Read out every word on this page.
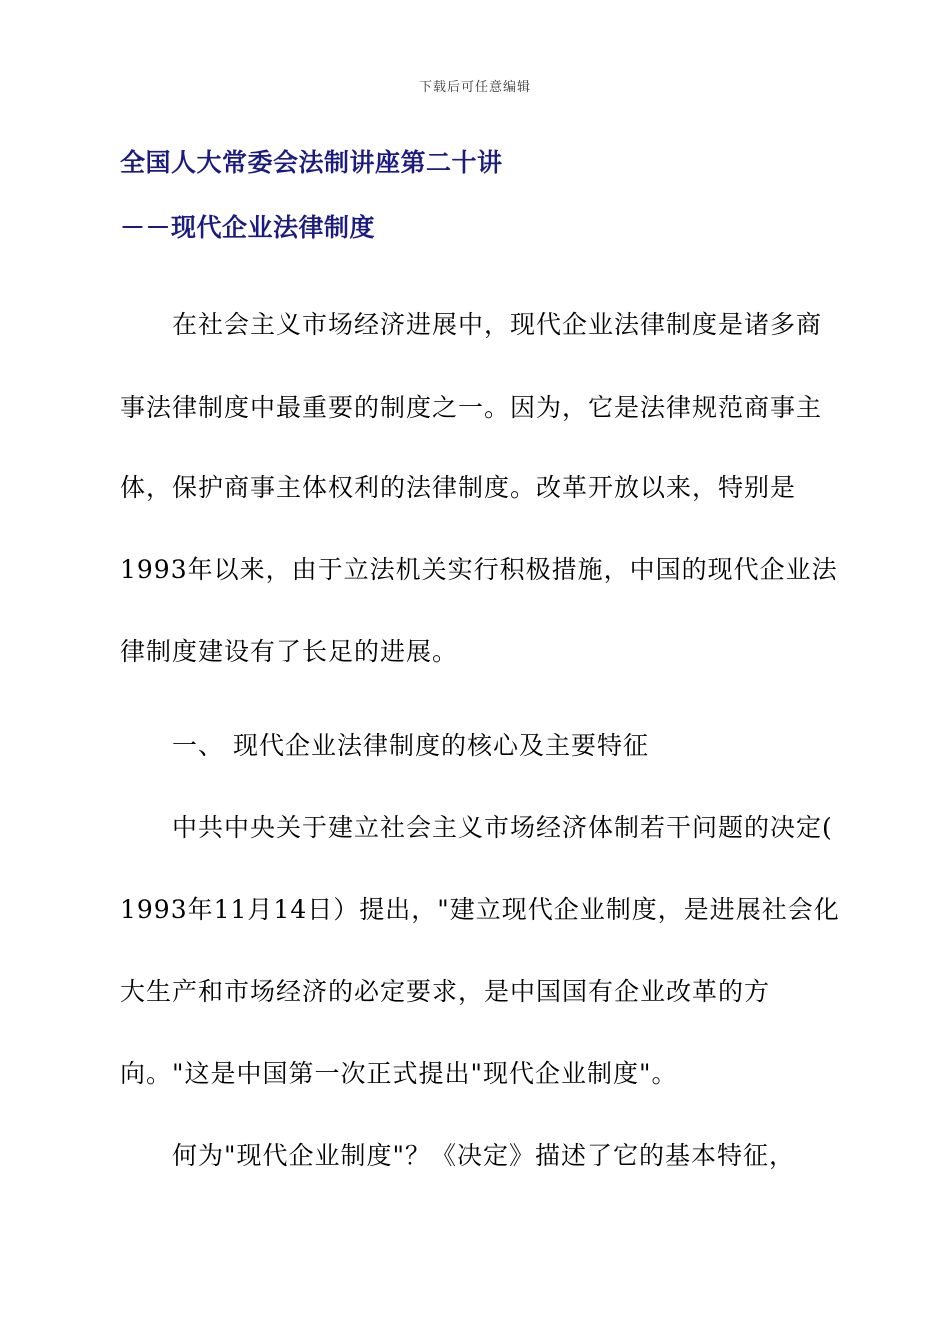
下载后可任意编辑
全国人大常委会法制讲座第二十讲
－－现代企业法律制度
在社会主义市场经济进展中，现代企业法律制度是诸多商
事法律制度中最重要的制度之一。因为，它是法律规范商事主
体，保护商事主体权利的法律制度。改革开放以来，特别是
1993年以来，由于立法机关实行积极措施，中国的现代企业法
律制度建设有了长足的进展。
一、 现代企业法律制度的核心及主要特征
中共中央关于建立社会主义市场经济体制若干问题的决定(
1993年11月14日）提出，"建立现代企业制度，是进展社会化
大生产和市场经济的必定要求，是中国国有企业改革的方
向。"这是中国第一次正式提出"现代企业制度"。
何为"现代企业制度"？《决定》描述了它的基本特征，
